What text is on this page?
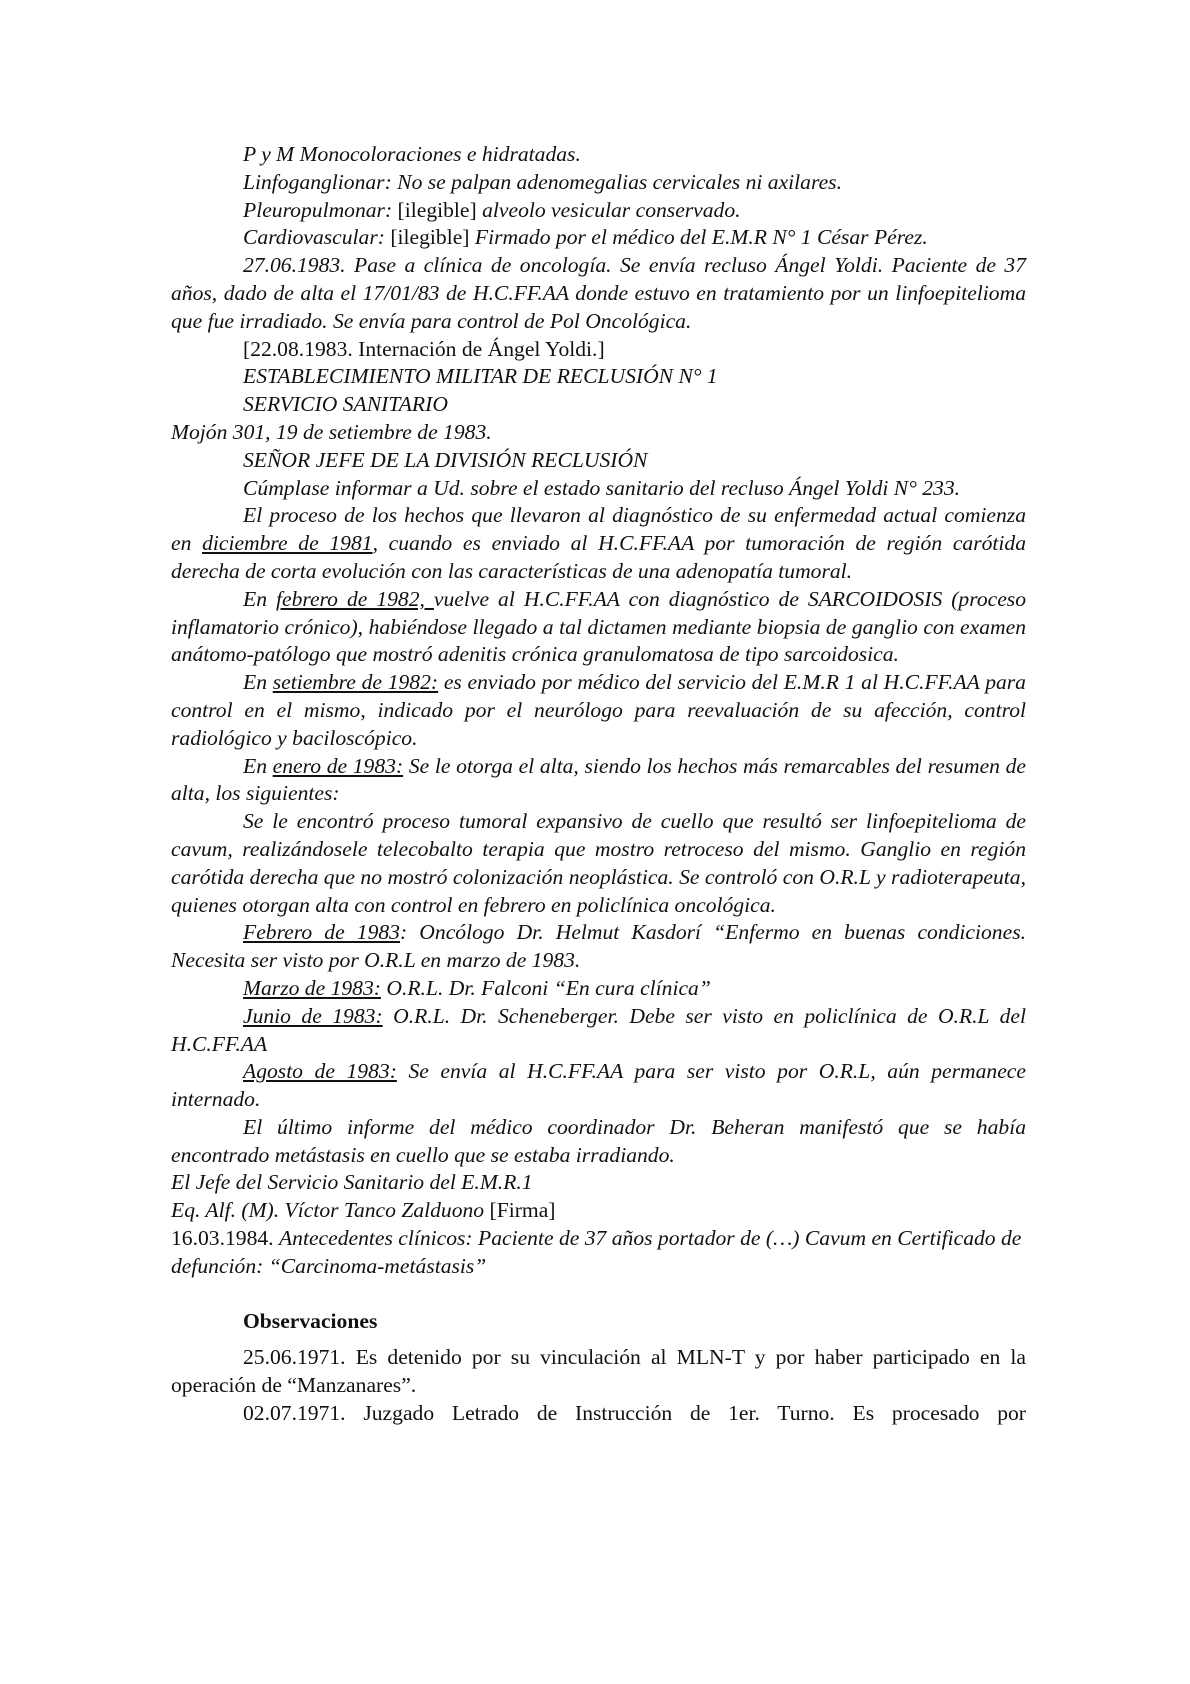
P y M Monocoloraciones e hidratadas.

Linfoganglionar: No se palpan adenomegalias cervicales ni axilares.

Pleuropulmonar: [ilegible] alveolo vesicular conservado.

Cardiovascular: [ilegible] Firmado por el médico del E.M.R N° 1 César Pérez.

27.06.1983. Pase a clínica de oncología. Se envía recluso Ángel Yoldi. Paciente de 37 años, dado de alta el 17/01/83 de H.C.FF.AA donde estuvo en tratamiento por un linfoepitelioma que fue irradiado. Se envía para control de Pol Oncológica.

[22.08.1983. Internación de Ángel Yoldi.]

ESTABLECIMIENTO MILITAR DE RECLUSIÓN N° 1

SERVICIO SANITARIO

Mojón 301, 19 de setiembre de 1983.

SEÑOR JEFE DE LA DIVISIÓN RECLUSIÓN

Cúmplase informar a Ud. sobre el estado sanitario del recluso Ángel Yoldi N° 233.

El proceso de los hechos que llevaron al diagnóstico de su enfermedad actual comienza en diciembre de 1981, cuando es enviado al H.C.FF.AA por tumoración de región carótida derecha de corta evolución con las características de una adenopatía tumoral.

En febrero de 1982, vuelve al H.C.FF.AA con diagnóstico de SARCOIDOSIS (proceso inflamatorio crónico), habiéndose llegado a tal dictamen mediante biopsia de ganglio con examen anátomo-patólogo que mostró adenitis crónica granulomatosa de tipo sarcoidosica.

En setiembre de 1982: es enviado por médico del servicio del E.M.R 1 al H.C.FF.AA para control en el mismo, indicado por el neurólogo para reevaluación de su afección, control radiológico y baciloscópico.

En enero de 1983: Se le otorga el alta, siendo los hechos más remarcables del resumen de alta, los siguientes:

Se le encontró proceso tumoral expansivo de cuello que resultó ser linfoepitelioma de cavum, realizándosele telecobalto terapia que mostro retroceso del mismo. Ganglio en región carótida derecha que no mostró colonización neoplástica. Se controló con O.R.L y radioterapeuta, quienes otorgan alta con control en febrero en policlínica oncológica.

Febrero de 1983: Oncólogo Dr. Helmut Kasdorí “Enfermo en buenas condiciones. Necesita ser visto por O.R.L en marzo de 1983.

Marzo de 1983: O.R.L. Dr. Falconi “En cura clínica”

Junio de 1983: O.R.L. Dr. Scheneberger. Debe ser visto en policlínica de O.R.L del H.C.FF.AA

Agosto de 1983: Se envía al H.C.FF.AA para ser visto por O.R.L, aún permanece internado.

El último informe del médico coordinador Dr. Beheran manifestó que se había encontrado metástasis en cuello que se estaba irradiando.

El Jefe del Servicio Sanitario del E.M.R.1

Eq. Alf. (M). Víctor Tanco Zalduono [Firma]

16.03.1984. Antecedentes clínicos: Paciente de 37 años portador de (…) Cavum en Certificado de defunción: “Carcinoma-metástasis”

Observaciones

25.06.1971. Es detenido por su vinculación al MLN-T y por haber participado en la operación de “Manzanares”.

02.07.1971. Juzgado Letrado de Instrucción de 1er. Turno. Es procesado por
